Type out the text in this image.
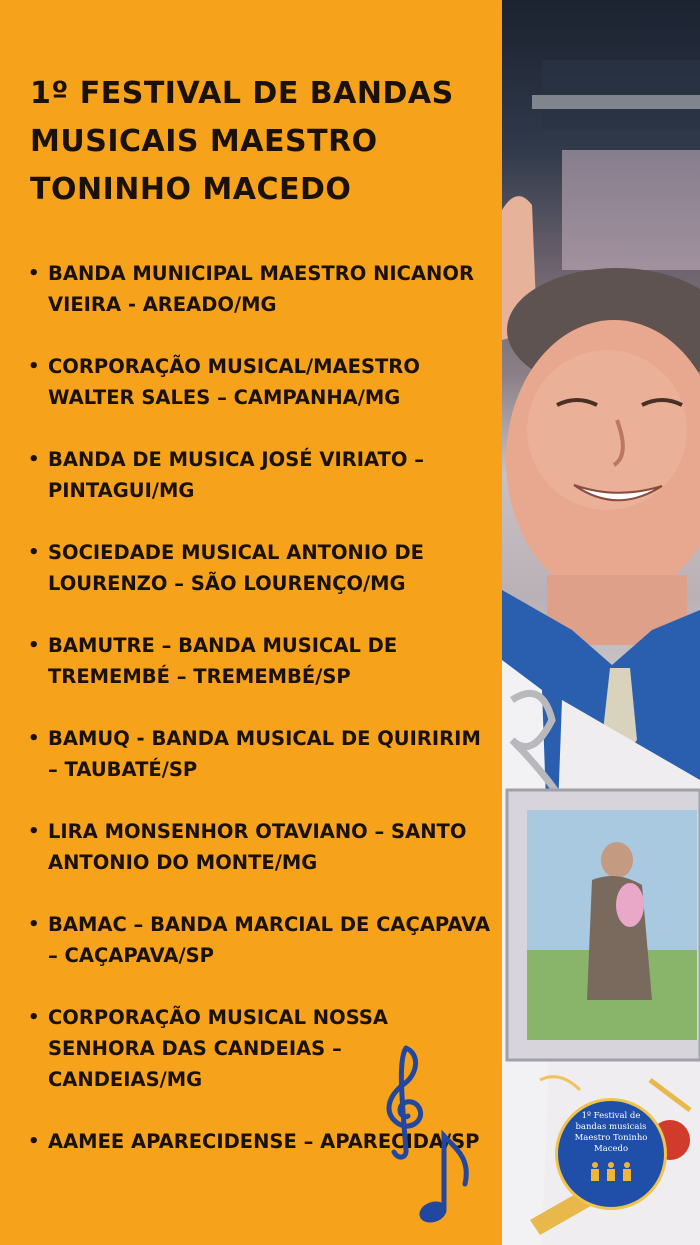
1º FESTIVAL DE BANDAS MUSICAIS MAESTRO TONINHO MACEDO
• BANDA MUNICIPAL MAESTRO NICANOR VIEIRA - AREADO/MG
• CORPORAÇÃO MUSICAL/MAESTRO WALTER SALES – CAMPANHA/MG
• BANDA DE MUSICA JOSÉ VIRIATO – PINTAGUI/MG
• SOCIEDADE MUSICAL ANTONIO DE LOURENZO – SÃO LOURENÇO/MG
• BAMUTRE – BANDA MUSICAL DE TREMEMBÉ – TREMEMBÉ/SP
• BAMUQ - BANDA MUSICAL DE QUIRIRIM – TAUBATÉ/SP
• LIRA MONSENHOR OTAVIANO – SANTO ANTONIO DO MONTE/MG
• BAMAC – BANDA MARCIAL DE CAÇAPAVA – CAÇAPAVA/SP
• CORPORAÇÃO MUSICAL NOSSA SENHORA DAS CANDEIAS – CANDEIAS/MG
• AAMEE APARECIDENSE – APARECIDA/SP
1º Festival de bandas musicais Maestro Toninho Macedo
